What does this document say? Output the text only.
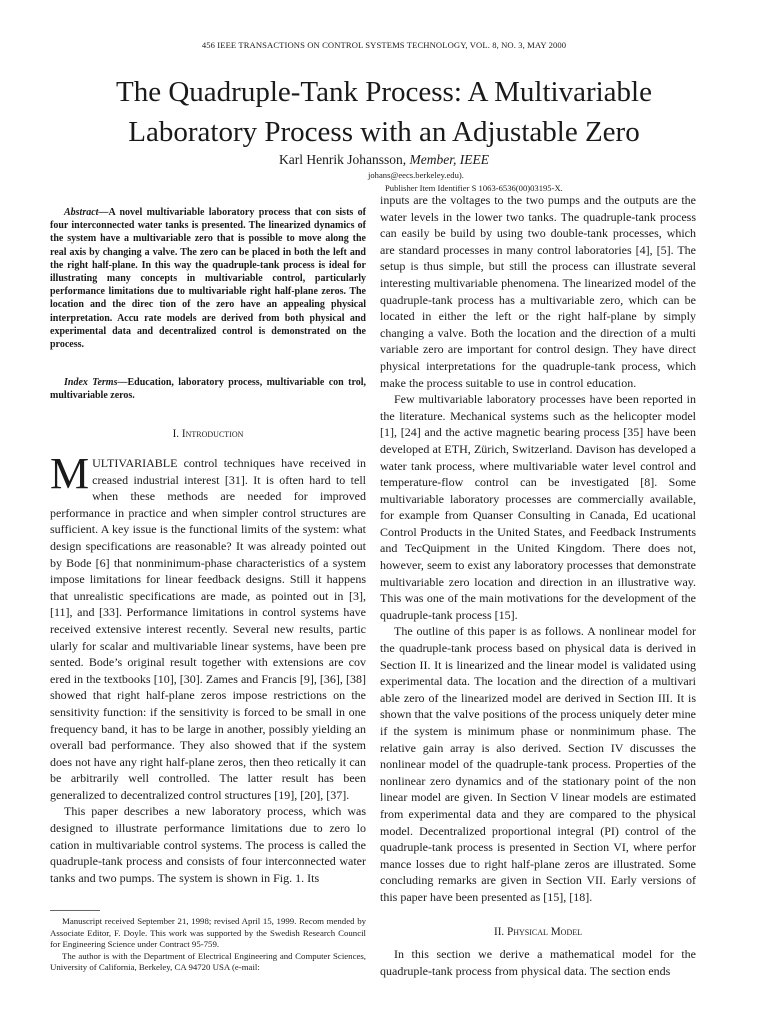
456 IEEE TRANSACTIONS ON CONTROL SYSTEMS TECHNOLOGY, VOL. 8, NO. 3, MAY 2000
The Quadruple-Tank Process: A Multivariable
Laboratory Process with an Adjustable Zero
Karl Henrik Johansson, Member, IEEE
johans@eecs.berkeley.edu).
Publisher Item Identifier S 1063-6536(00)03195-X.
Abstract—A novel multivariable laboratory process that con sists of four interconnected water tanks is presented. The linearized dynamics of the system have a multivariable zero that is possible to move along the real axis by changing a valve. The zero can be placed in both the left and the right half-plane. In this way the quadruple-tank process is ideal for illustrating many concepts in multivariable control, particularly performance limitations due to multivariable right half-plane zeros. The location and the direc tion of the zero have an appealing physical interpretation. Accu rate models are derived from both physical and experimental data and decentralized control is demonstrated on the process.
Index Terms—Education, laboratory process, multivariable con trol, multivariable zeros.
I. Introduction

MULTIVARIABLE control techniques have received in creased industrial interest [31]. It is often hard to tell when these methods are needed for improved performance in practice and when simpler control structures are sufficient. A key issue is the functional limits of the system: what design specifications are reasonable? It was already pointed out by Bode [6] that nonminimum-phase characteristics of a system impose limitations for linear feedback designs. Still it happens that unrealistic specifications are made, as pointed out in [3], [11], and [33]. Performance limitations in control systems have received extensive interest recently. Several new results, partic ularly for scalar and multivariable linear systems, have been pre sented. Bode’s original result together with extensions are cov ered in the textbooks [10], [30]. Zames and Francis [9], [36], [38] showed that right half-plane zeros impose restrictions on the sensitivity function: if the sensitivity is forced to be small in one frequency band, it has to be large in another, possibly yielding an overall bad performance. They also showed that if the system does not have any right half-plane zeros, then theo retically it can be arbitrarily well controlled. The latter result has been generalized to decentralized control structures [19], [20], [37].

This paper describes a new laboratory process, which was designed to illustrate performance limitations due to zero lo cation in multivariable control systems. The process is called the quadruple-tank process and consists of four interconnected water tanks and two pumps. The system is shown in Fig. 1. Its

Manuscript received September 21, 1998; revised April 15, 1999. Recom mended by Associate Editor, F. Doyle. This work was supported by the Swedish Research Council for Engineering Science under Contract 95-759.

The author is with the Department of Electrical Engineering and Computer Sciences, University of California, Berkeley, CA 94720 USA (e-mail:

inputs are the voltages to the two pumps and the outputs are the water levels in the lower two tanks. The quadruple-tank process can easily be build by using two double-tank processes, which are standard processes in many control laboratories [4], [5]. The setup is thus simple, but still the process can illustrate several interesting multivariable phenomena. The linearized model of the quadruple-tank process has a multivariable zero, which can be located in either the left or the right half-plane by simply changing a valve. Both the location and the direction of a multi variable zero are important for control design. They have direct physical interpretations for the quadruple-tank process, which make the process suitable to use in control education.

Few multivariable laboratory processes have been reported in the literature. Mechanical systems such as the helicopter model [1], [24] and the active magnetic bearing process [35] have been developed at ETH, Zürich, Switzerland. Davison has developed a water tank process, where multivariable water level control and temperature-flow control can be investigated [8]. Some multivariable laboratory processes are commercially available, for example from Quanser Consulting in Canada, Ed ucational Control Products in the United States, and Feedback Instruments and TecQuipment in the United Kingdom. There does not, however, seem to exist any laboratory processes that demonstrate multivariable zero location and direction in an illustrative way. This was one of the main motivations for the development of the quadruple-tank process [15].

The outline of this paper is as follows. A nonlinear model for the quadruple-tank process based on physical data is derived in Section II. It is linearized and the linear model is validated using experimental data. The location and the direction of a multivari able zero of the linearized model are derived in Section III. It is shown that the valve positions of the process uniquely deter mine if the system is minimum phase or nonminimum phase. The relative gain array is also derived. Section IV discusses the nonlinear model of the quadruple-tank process. Properties of the nonlinear zero dynamics and of the stationary point of the non linear model are given. In Section V linear models are estimated from experimental data and they are compared to the physical model. Decentralized proportional integral (PI) control of the quadruple-tank process is presented in Section VI, where perfor mance losses due to right half-plane zeros are illustrated. Some concluding remarks are given in Section VII. Early versions of this paper have been presented as [15], [18].

II. Physical Model

In this section we derive a mathematical model for the quadruple-tank process from physical data. The section ends
